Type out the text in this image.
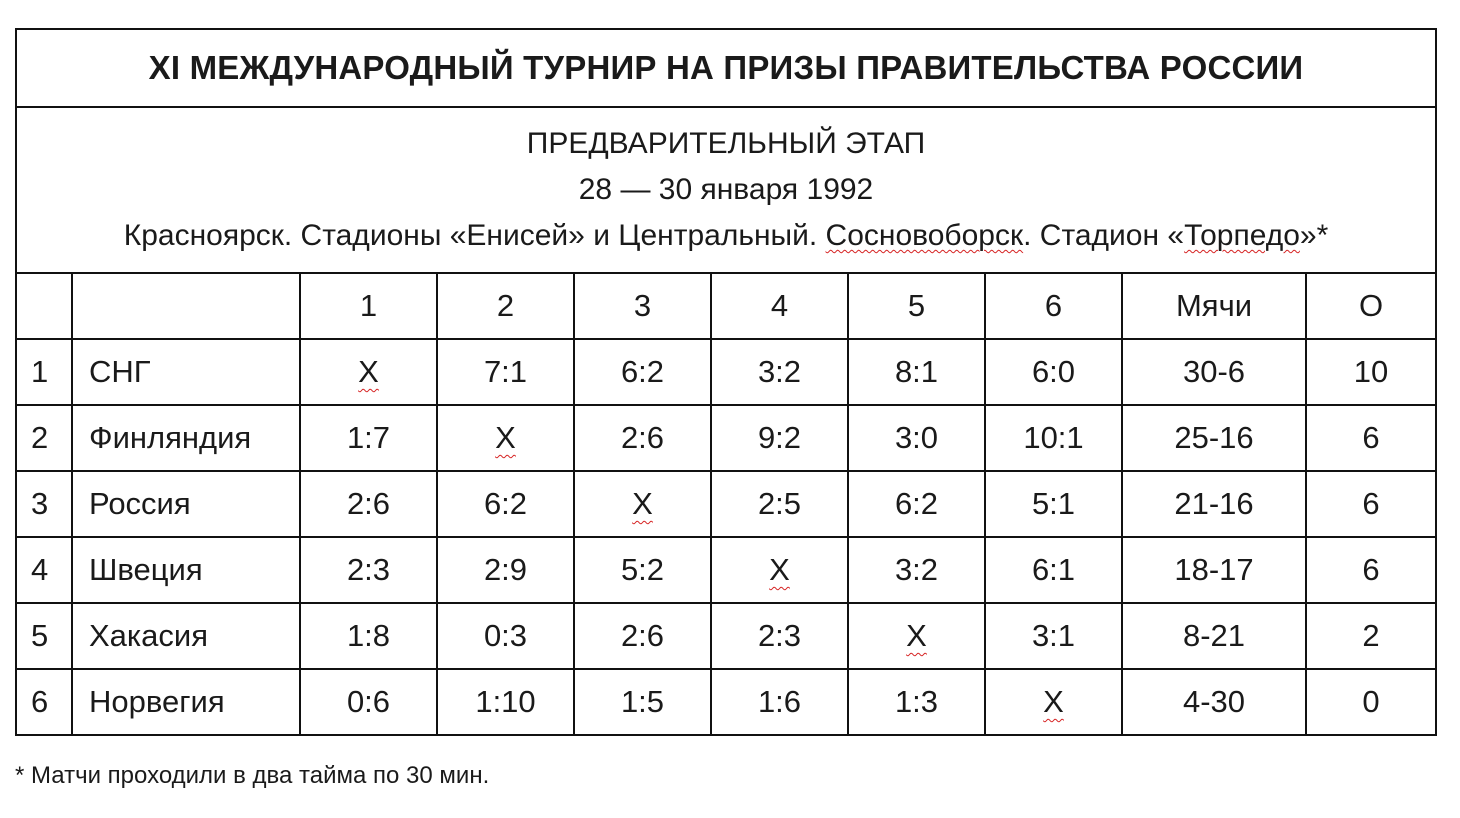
XI МЕЖДУНАРОДНЫЙ ТУРНИР НА ПРИЗЫ ПРАВИТЕЛЬСТВА РОССИИ									

ПРЕДВАРИТЕЛЬНЫЙ ЭТАП
28 — 30 января 1992
Красноярск. Стадионы «Енисей» и Центральный. Сосновоборск. Стадион «Торпедо»*									

		1	2	3	4	5	6	Мячи	О
1	СНГ	X	7:1	6:2	3:2	8:1	6:0	30-6	10
2	Финляндия	1:7	X	2:6	9:2	3:0	10:1	25-16	6
3	Россия	2:6	6:2	X	2:5	6:2	5:1	21-16	6
4	Швеция	2:3	2:9	5:2	X	3:2	6:1	18-17	6
5	Хакасия	1:8	0:3	2:6	2:3	X	3:1	8-21	2
6	Норвегия	0:6	1:10	1:5	1:6	1:3	X	4-30	0
* Матчи проходили в два тайма по 30 мин.
